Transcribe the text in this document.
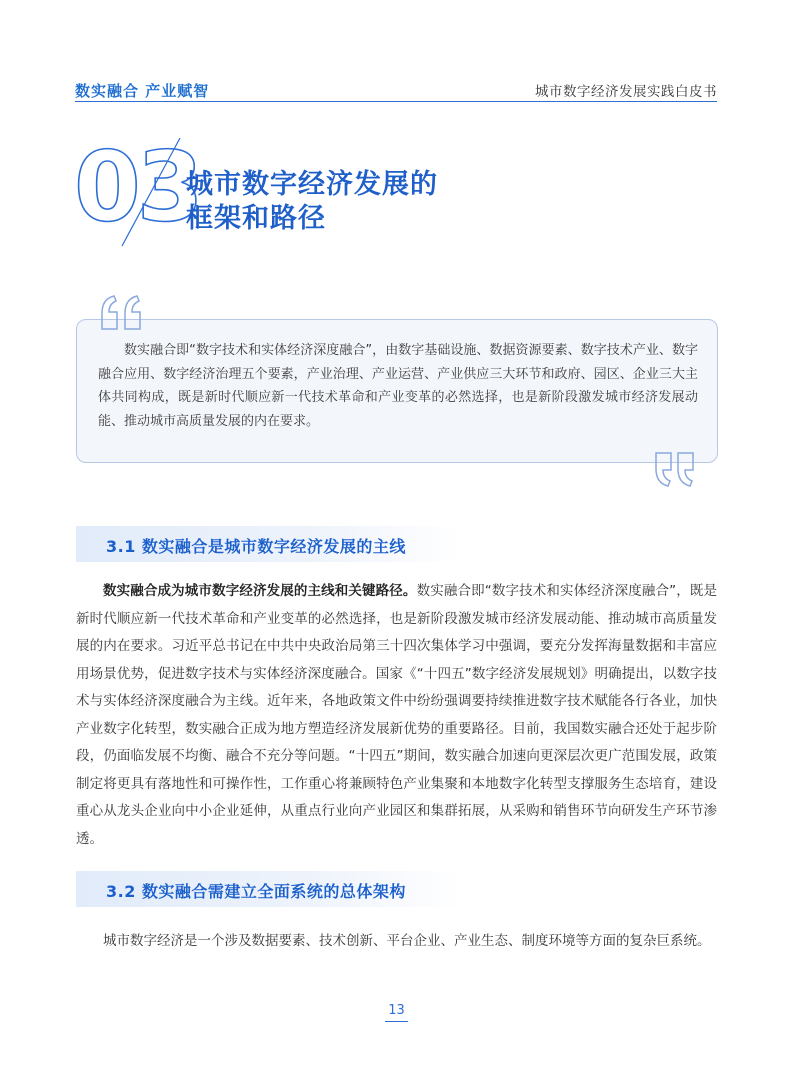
数实融合 产业赋智	城市数字经济发展实践白皮书
03
城市数字经济发展的
框架和路径
数实融合即“数字技术和实体经济深度融合”，由数字基础设施、数据资源要素、数字技术产业、数字融合应用、数字经济治理五个要素，产业治理、产业运营、产业供应三大环节和政府、园区、企业三大主体共同构成，既是新时代顺应新一代技术革命和产业变革的必然选择，也是新阶段激发城市经济发展动能、推动城市高质量发展的内在要求。
3.1 数实融合是城市数字经济发展的主线
数实融合成为城市数字经济发展的主线和关键路径。数实融合即“数字技术和实体经济深度融合”，既是新时代顺应新一代技术革命和产业变革的必然选择，也是新阶段激发城市经济发展动能、推动城市高质量发展的内在要求。习近平总书记在中共中央政治局第三十四次集体学习中强调，要充分发挥海量数据和丰富应用场景优势，促进数字技术与实体经济深度融合。国家《“十四五”数字经济发展规划》明确提出，以数字技术与实体经济深度融合为主线。近年来，各地政策文件中纷纷强调要持续推进数字技术赋能各行各业，加快产业数字化转型，数实融合正成为地方塑造经济发展新优势的重要路径。目前，我国数实融合还处于起步阶段，仍面临发展不均衡、融合不充分等问题。“十四五”期间，数实融合加速向更深层次更广范围发展，政策制定将更具有落地性和可操作性，工作重心将兼顾特色产业集聚和本地数字化转型支撑服务生态培育，建设重心从龙头企业向中小企业延伸，从重点行业向产业园区和集群拓展，从采购和销售环节向研发生产环节渗透。
3.2 数实融合需建立全面系统的总体架构
城市数字经济是一个涉及数据要素、技术创新、平台企业、产业生态、制度环境等方面的复杂巨系统。
13
